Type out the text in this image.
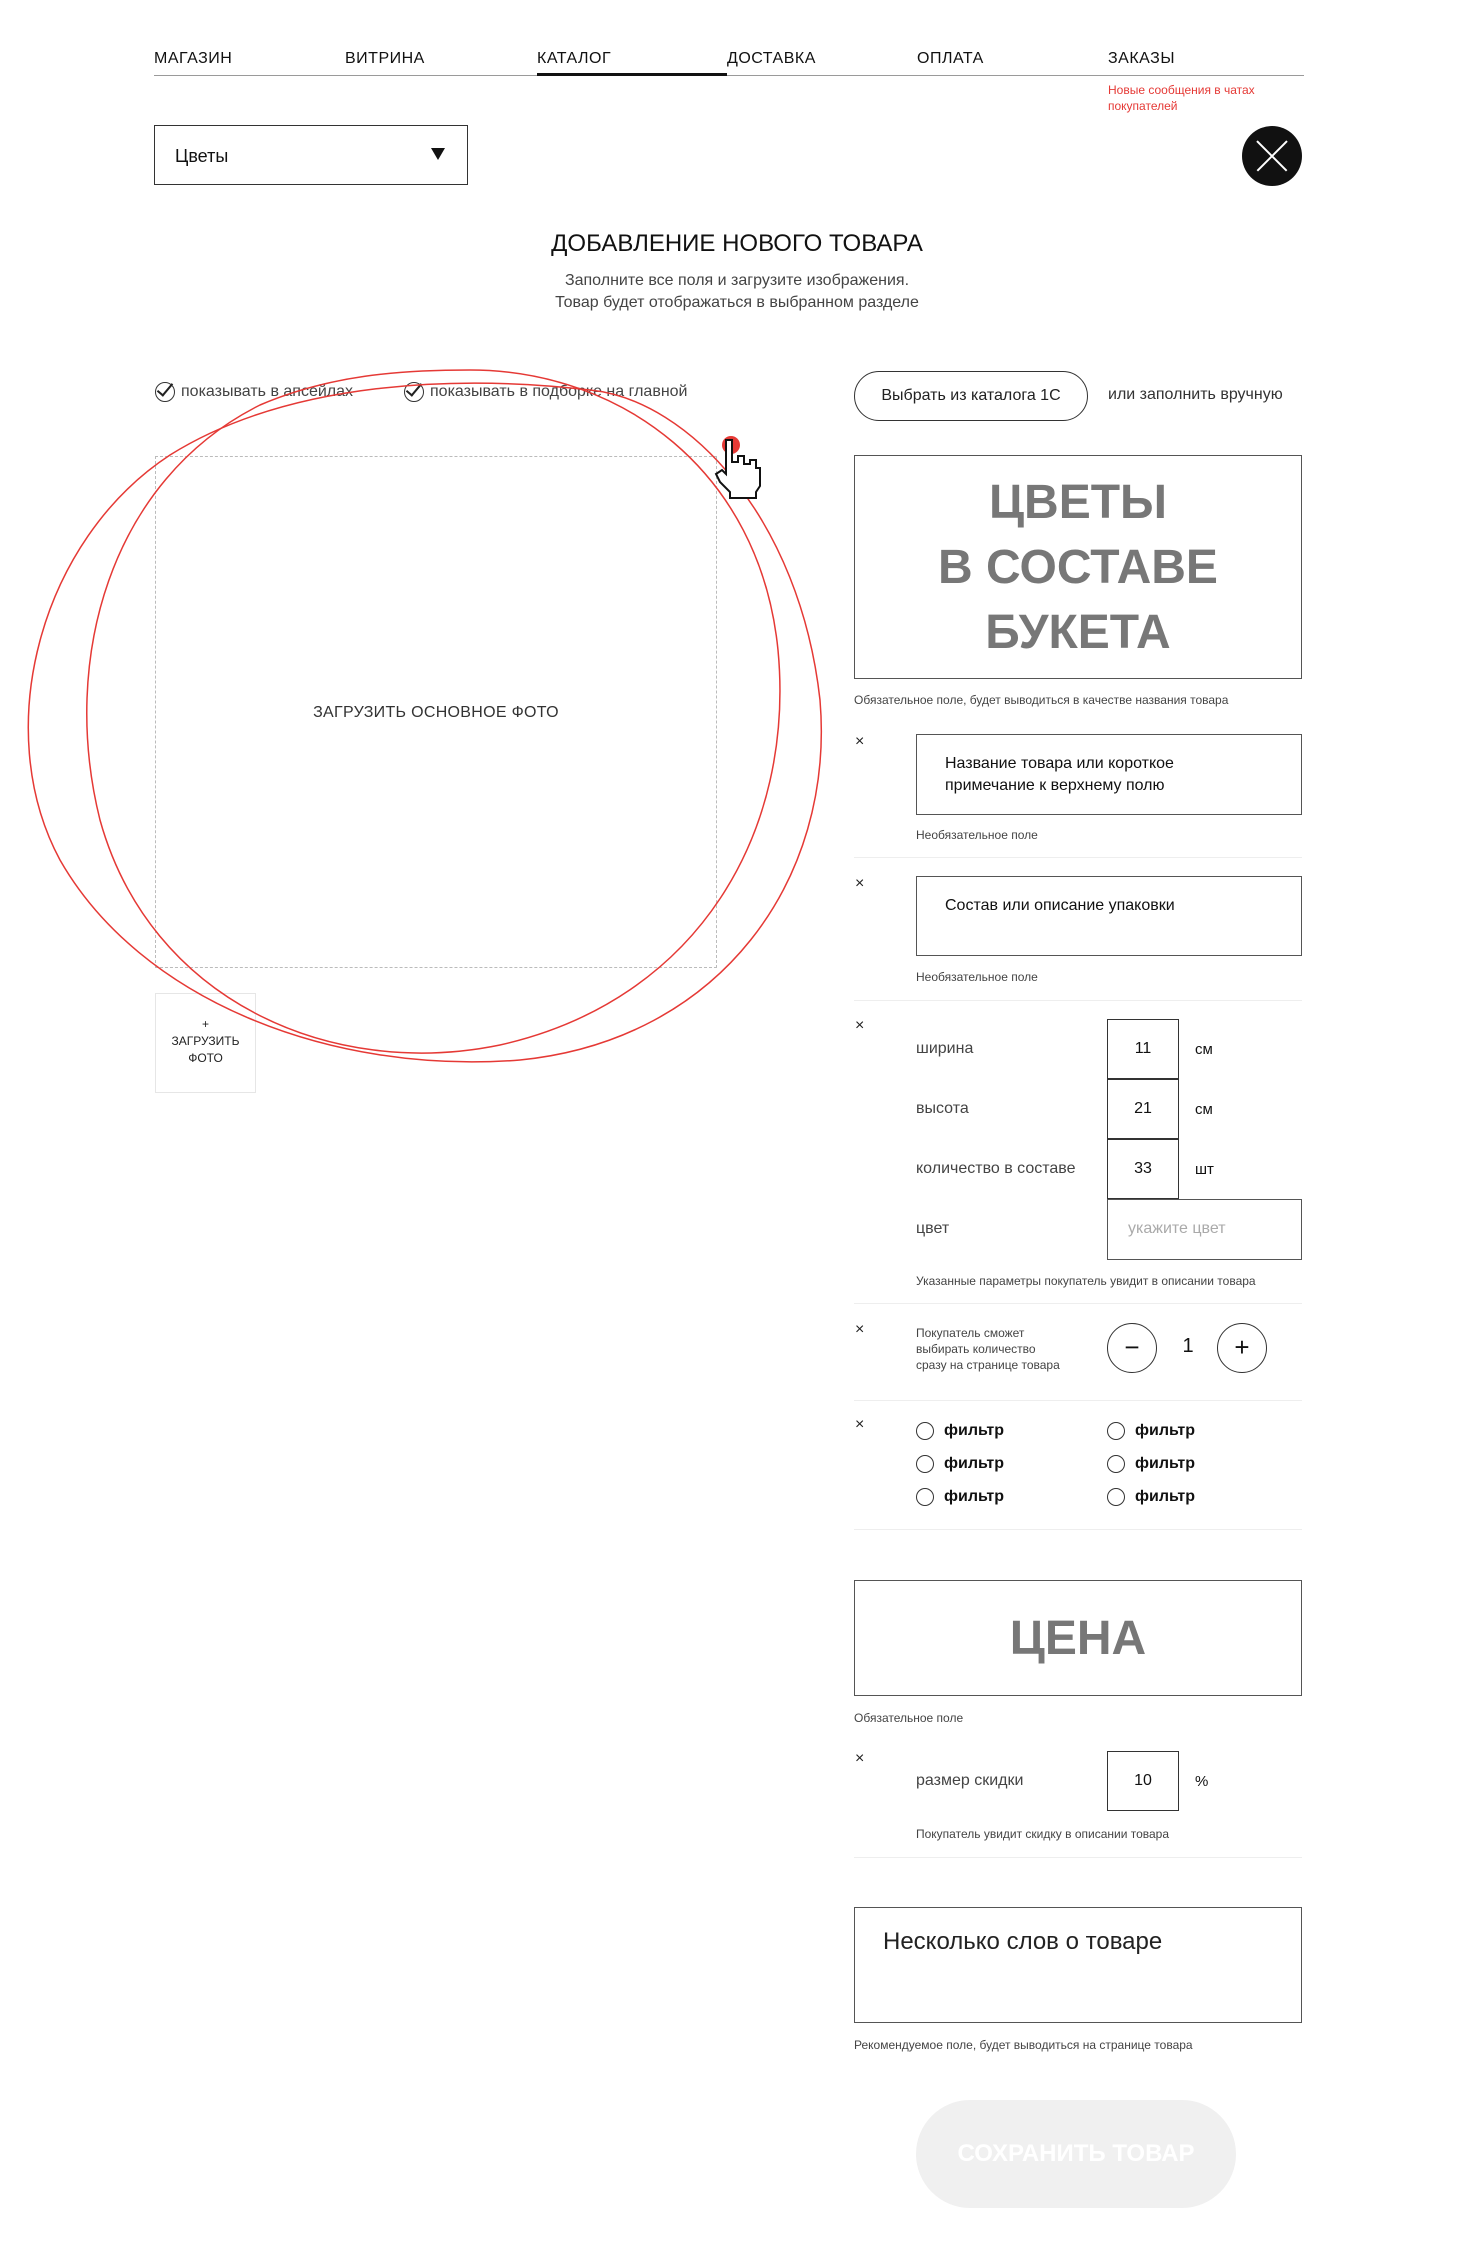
МАГАЗИН	ВИТРИНА	КАТАЛОГ	ДОСТАВКА	ОПЛАТА	ЗАКАЗЫ
Новые сообщения в чатах покупателей
Цветы
ДОБАВЛЕНИЕ НОВОГО ТОВАРА
Заполните все поля и загрузите изображения.
Товар будет отображаться в выбранном разделе
показывать в апсейлах	показывать в подборке на главной
ЗАГРУЗИТЬ ОСНОВНОЕ ФОТО
+
ЗАГРУЗИТЬ
ФОТО
Выбрать из каталога 1С	или заполнить вручную
ЦВЕТЫ
В СОСТАВЕ
БУКЕТА
Обязательное поле, будет выводиться в качестве названия товара
×
Название товара или короткое
примечание к верхнему полю
Необязательное поле
×
Состав или описание упаковки
Необязательное поле
×
ширина	11	см
высота	21	см
количество в составе	33	шт
цвет	укажите цвет
Указанные параметры покупатель увидит в описании товара
×	Покупатель сможет
выбирать количество
сразу на странице товара
−	1	+
×	фильтр
фильтр
фильтр
фильтр
фильтр
фильтр
ЦЕНА
Обязательное поле
×
размер скидки	10	%
Покупатель увидит скидку в описании товара
Несколько слов о товаре
Рекомендуемое поле, будет выводиться на странице товара
СОХРАНИТЬ ТОВАР
